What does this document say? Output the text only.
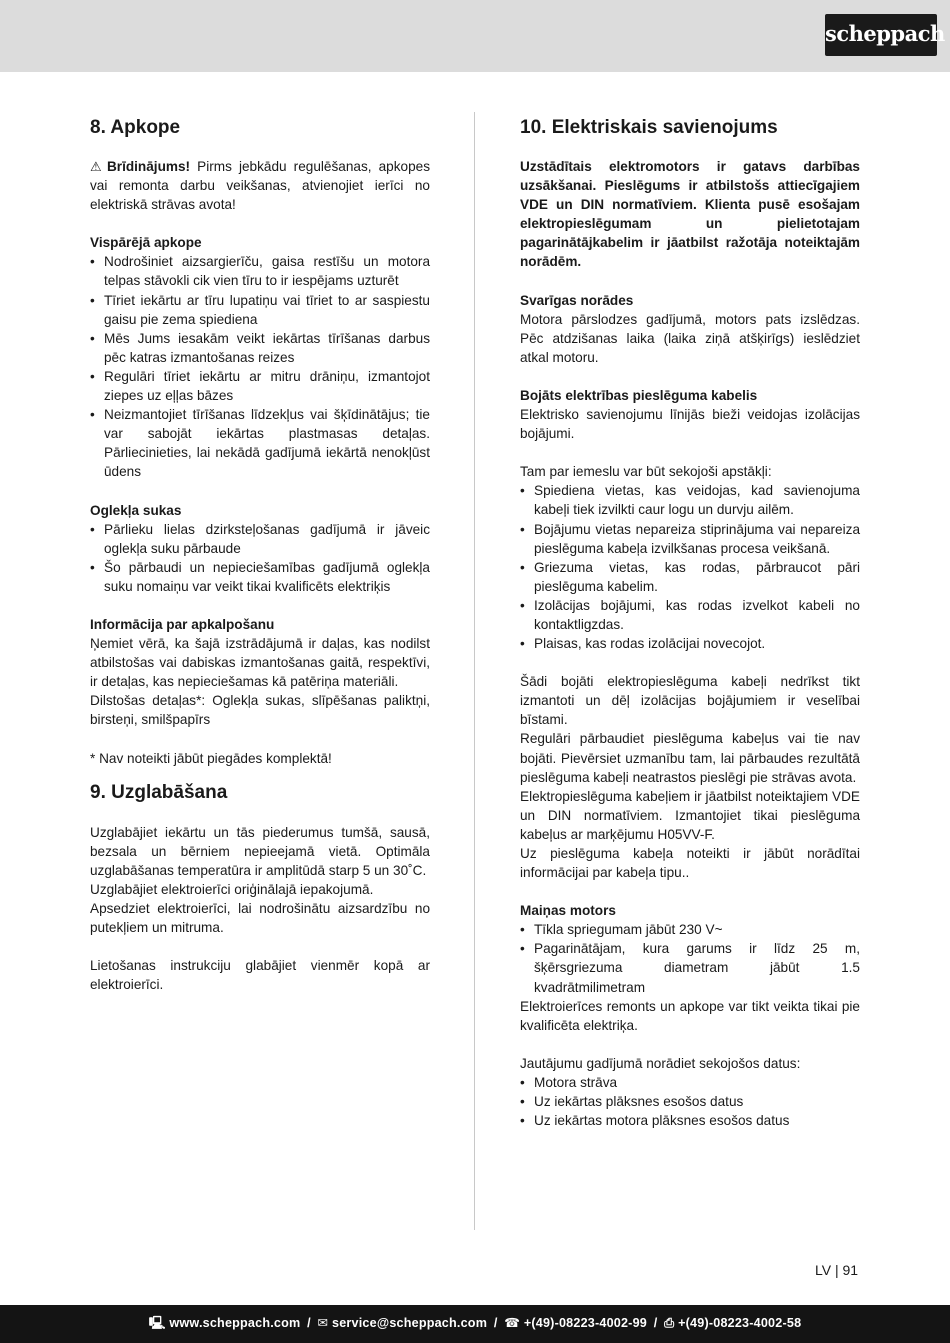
scheppach
8. Apkope

⚠ Brīdinājums! Pirms jebkādu regulēšanas, apkopes vai remonta darbu veikšanas, atvienojiet ierīci no elektriskā strāvas avota!

Vispārējā apkope
• Nodrošiniet aizsargierīču, gaisa restīšu un motora telpas stāvokli cik vien tīru to ir iespējams uzturēt
• Tīriet iekārtu ar tīru lupatiņu vai tīriet to ar saspiestu gaisu pie zema spiediena
• Mēs Jums iesakām veikt iekārtas tīrīšanas darbus pēc katras izmantošanas reizes
• Regulāri tīriet iekārtu ar mitru drāniņu, izmantojot ziepes uz eļļas bāzes
• Neizmantojiet tīrīšanas līdzekļus vai šķīdinātājus; tie var sabojāt iekārtas plastmasas detaļas. Pārliecinieties, lai nekādā gadījumā iekārtā nenokļūst ūdens
Oglekļa sukas
• Pārlieku lielas dzirksteļošanas gadījumā ir jāveic oglekļa suku pārbaude
• Šo pārbaudi un nepieciešamības gadījumā oglekļa suku nomaiņu var veikt tikai kvalificēts elektriķis
Informācija par apkalpošanu

Ņemiet vērā, ka šajā izstrādājumā ir daļas, kas nodilst atbilstošas vai dabiskas izmantošanas gaitā, respektīvi, ir detaļas, kas nepieciešamas kā patēriņa materiāli.

Dilstošas detaļas*: Oglekļa sukas, slīpēšanas paliktņi, birsteņi, smilšpapīrs

* Nav noteikti jābūt piegādes komplektā!

9. Uzglabāšana

Uzglabājiet iekārtu un tās piederumus tumšā, sausā, bezsala un bērniem nepieejamā vietā. Optimāla uzglabāšanas temperatūra ir amplitūdā starp 5 un 30˚C.

Uzglabājiet elektroierīci oriģinālajā iepakojumā.

Apsedziet elektroierīci, lai nodrošinātu aizsardzību no putekļiem un mitruma.

Lietošanas instrukciju glabājiet vienmēr kopā ar elektroierīci.

10. Elektriskais savienojums

Uzstādītais elektromotors ir gatavs darbības uzsākšanai. Pieslēgums ir atbilstošs attiecīgajiem VDE un DIN normatīviem. Klienta pusē esošajam elektropieslēgumam un pielietotajam pagarinātājkabelim ir jāatbilst ražotāja noteiktajām norādēm.

Svarīgas norādes

Motora pārslodzes gadījumā, motors pats izslēdzas. Pēc atdzišanas laika (laika ziņā atšķirīgs) ieslēdziet atkal motoru.

Bojāts elektrības pieslēguma kabelis

Elektrisko savienojumu līnijās bieži veidojas izolācijas bojājumi.

Tam par iemeslu var būt sekojoši apstākļi:

• Spiediena vietas, kas veidojas, kad savienojuma kabeļi tiek izvilkti caur logu un durvju ailēm.
• Bojājumu vietas nepareiza stiprinājuma vai nepareiza pieslēguma kabeļa izvilkšanas procesa veikšanā.
• Griezuma vietas, kas rodas, pārbraucot pāri pieslēguma kabelim.
• Izolācijas bojājumi, kas rodas izvelkot kabeli no kontaktligzdas.
• Plaisas, kas rodas izolācijai novecojot.

Šādi bojāti elektropieslēguma kabeļi nedrīkst tikt izmantoti un dēļ izolācijas bojājumiem ir veselībai bīstami.

Regulāri pārbaudiet pieslēguma kabeļus vai tie nav bojāti. Pievērsiet uzmanību tam, lai pārbaudes rezultātā pieslēguma kabeļi neatrastos pieslēgi pie strāvas avota.

Elektropieslēguma kabeļiem ir jāatbilst noteiktajiem VDE un DIN normatīviem. Izmantojiet tikai pieslēguma kabeļus ar marķējumu H05VV-F.

Uz pieslēguma kabeļa noteikti ir jābūt norādītai informācijai par kabeļa tipu..

Maiņas motors
• Tīkla spriegumam jābūt 230 V~
• Pagarinātājam, kura garums ir līdz 25 m, šķērsgriezuma diametram jābūt 1.5 kvadrātmilimetram

Elektroierīces remonts un apkope var tikt veikta tikai pie kvalificēta elektriķa.

Jautājumu gadījumā norādiet sekojošos datus:

• Motora strāva
• Uz iekārtas plāksnes esošos datus
• Uz iekārtas motora plāksnes esošos datus
LV | 91
🖳 www.scheppach.com / ✉ service@scheppach.com / ☎ +(49)-08223-4002-99 / ⎙ +(49)-08223-4002-58
